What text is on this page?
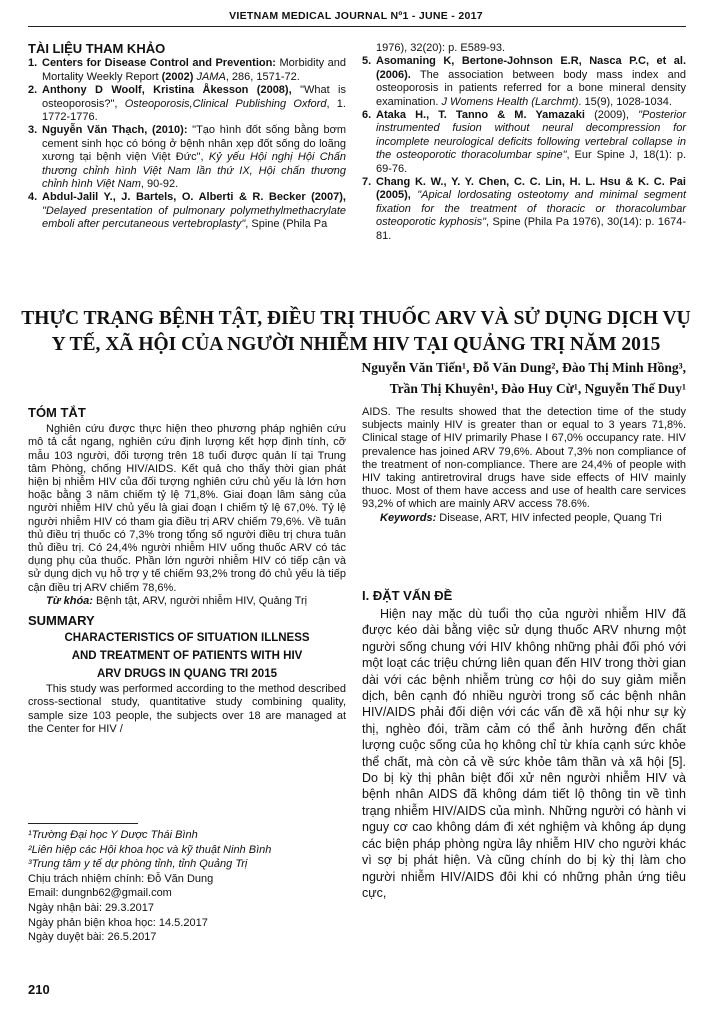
VIETNAM MEDICAL JOURNAL Nº1 - JUNE - 2017
TÀI LIỆU THAM KHẢO
1. Centers for Disease Control and Prevention: Morbidity and Mortality Weekly Report (2002) JAMA, 286, 1571-72.
2. Anthony D Woolf, Kristina Åkesson (2008), "What is osteoporosis?", Osteoporosis,Clinical Publishing Oxford, 1. 1772-1776.
3. Nguyễn Văn Thạch, (2010): "Tạo hình đốt sống bằng bơm cement sinh học có bóng ở bệnh nhân xẹp đốt sống do loãng xương tại bệnh viện Việt Đức", Kỷ yếu Hội nghị Hội Chấn thương chỉnh hình Việt Nam lần thứ IX, Hội chấn thương chỉnh hình Việt Nam, 90-92.
4. Abdul-Jalil Y., J. Bartels, O. Alberti & R. Becker (2007), "Delayed presentation of pulmonary polymethylmethacrylate emboli after percutaneous vertebroplasty", Spine (Phila Pa
1976), 32(20): p. E589-93.
5. Asomaning K, Bertone-Johnson E.R, Nasca P.C, et al. (2006). The association between body mass index and osteoporosis in patients referred for a bone mineral density examination. J Womens Health (Larchmt). 15(9), 1028-1034.
6. Ataka H., T. Tanno & M. Yamazaki (2009), "Posterior instrumented fusion without neural decompression for incomplete neurological deficits following vertebral collapse in the osteoporotic thoracolumbar spine", Eur Spine J, 18(1): p. 69-76.
7. Chang K. W., Y. Y. Chen, C. C. Lin, H. L. Hsu & K. C. Pai (2005), "Apical lordosating osteotomy and minimal segment fixation for the treatment of thoracic or thoracolumbar osteoporotic kyphosis", Spine (Phila Pa 1976), 30(14): p. 1674-81.
THỰC TRẠNG BỆNH TẬT, ĐIỀU TRỊ THUỐC ARV VÀ SỬ DỤNG DỊCH VỤ
Y TẾ, XÃ HỘI CỦA NGƯỜI NHIỄM HIV TẠI QUẢNG TRỊ NĂM 2015
Nguyễn Văn Tiến¹, Đỗ Văn Dung², Đào Thị Minh Hồng³,
Trần Thị Khuyên¹, Đào Huy Cừ¹, Nguyễn Thế Duy¹
TÓM TẮT

Nghiên cứu được thực hiện theo phương pháp nghiên cứu mô tả cắt ngang, nghiên cứu định lượng kết hợp định tính, cỡ mẫu 103 người, đối tượng trên 18 tuổi được quản lí tại Trung tâm Phòng, chống HIV/AIDS. Kết quả cho thấy thời gian phát hiện bị nhiễm HIV của đối tượng nghiên cứu chủ yếu là lớn hơn hoặc bằng 3 năm chiếm tỷ lệ 71,8%. Giai đoạn lâm sàng của người nhiễm HIV chủ yếu là giai đoạn I chiếm tỷ lệ 67,0%. Tỷ lệ người nhiễm HIV có tham gia điều trị ARV chiếm 79,6%. Về tuân thủ điều trị thuốc có 7,3% trong tổng số người điều trị chưa tuân thủ điều trị. Có 24,4% người nhiễm HIV uống thuốc ARV có tác dụng phụ của thuốc. Phần lớn người nhiễm HIV có tiếp cận và sử dụng dịch vụ hỗ trợ y tế chiếm 93,2% trong đó chủ yếu là tiếp cận điều trị ARV chiếm 78,6%.

Từ khóa: Bệnh tật, ARV, người nhiễm HIV, Quảng Trị

SUMMARY
CHARACTERISTICS OF SITUATION ILLNESS
AND TREATMENT OF PATIENTS WITH HIV
ARV DRUGS IN QUANG TRI 2015

This study was performed according to the method described cross-sectional study, quantitative study combining quality, sample size 103 people, the subjects over 18 are managed at the Center for HIV /

AIDS. The results showed that the detection time of the study subjects mainly HIV is greater than or equal to 3 years 71,8%. Clinical stage of HIV primarily Phase I 67,0% occupancy rate. HIV prevalence has joined ARV 79,6%. About 7,3% non compliance of the treatment of non-compliance. There are 24,4% of people with HIV taking antiretroviral drugs have side effects of HIV mainly thuoc. Most of them have access and use of health care services 93,2% of which are mainly ARV access 78.6%.

Keywords: Disease, ART, HIV infected people, Quang Tri

I. ĐẶT VẤN ĐỀ
Hiện nay mặc dù tuổi thọ của người nhiễm HIV đã được kéo dài bằng việc sử dụng thuốc ARV nhưng một người sống chung với HIV không những phải đối phó với một loạt các triệu chứng liên quan đến HIV trong thời gian dài với các bệnh nhiễm trùng cơ hội do suy giảm miễn dịch, bên cạnh đó nhiều người trong số các bệnh nhân HIV/AIDS phải đối diện với các vấn đề xã hội như sự kỳ thị, nghèo đói, trầm cảm có thể ảnh hưởng đến chất lượng cuộc sống của họ không chỉ từ khía cạnh sức khỏe thể chất, mà còn cả về sức khỏe tâm thần và xã hội [5]. Do bị kỳ thị phân biệt đối xử nên người nhiễm HIV và bệnh nhân AIDS đã không dám tiết lộ thông tin về tình trạng nhiễm HIV/AIDS của mình. Những người có hành vi nguy cơ cao không dám đi xét nghiệm và không áp dụng các biện pháp phòng ngừa lây nhiễm HIV cho người khác vì sợ bị phát hiện. Và cũng chính do bị kỳ thị làm cho người nhiễm HIV/AIDS đôi khi có những phản ứng tiêu cực,
¹Trường Đại học Y Dược Thái Bình
²Liên hiệp các Hội khoa học và kỹ thuật Ninh Bình
³Trung tâm y tế dự phòng tỉnh, tỉnh Quảng Trị
Chịu trách nhiệm chính: Đỗ Văn Dung
Email: dungnb62@gmail.com
Ngày nhận bài: 29.3.2017
Ngày phản biện khoa học: 14.5.2017
Ngày duyệt bài: 26.5.2017
210
